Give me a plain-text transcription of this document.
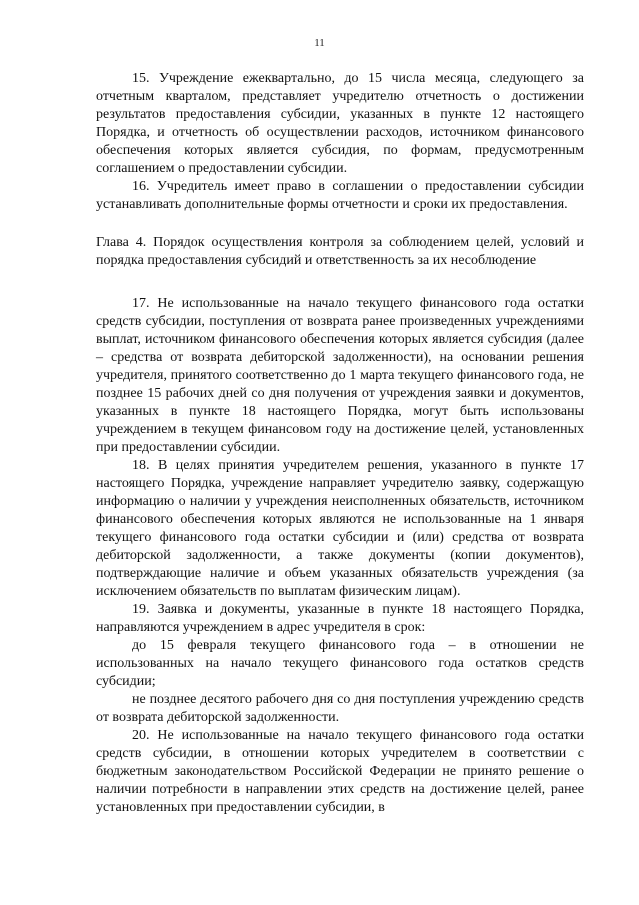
11

15. Учреждение ежеквартально, до 15 числа месяца, следующего за отчетным кварталом, представляет учредителю отчетность о достижении результатов предоставления субсидии, указанных в пункте 12 настоящего Порядка, и отчетность об осуществлении расходов, источником финансового обеспечения которых является субсидия, по формам, предусмотренным соглашением о предоставлении субсидии.

16. Учредитель имеет право в соглашении о предоставлении субсидии устанавливать дополнительные формы отчетности и сроки их предоставления.

Глава 4. Порядок осуществления контроля за соблюдением целей, условий и порядка предоставления субсидий и ответственность за их несоблюдение

17. Не использованные на начало текущего финансового года остатки средств субсидии, поступления от возврата ранее произведенных учреждениями выплат, источником финансового обеспечения которых является субсидия (далее – средства от возврата дебиторской задолженности), на основании решения учредителя, принятого соответственно до 1 марта текущего финансового года, не позднее 15 рабочих дней со дня получения от учреждения заявки и документов, указанных в пункте 18 настоящего Порядка, могут быть использованы учреждением в текущем финансовом году на достижение целей, установленных при предоставлении субсидии.

18. В целях принятия учредителем решения, указанного в пункте 17 настоящего Порядка, учреждение направляет учредителю заявку, содержащую информацию о наличии у учреждения неисполненных обязательств, источником финансового обеспечения которых являются не использованные на 1 января текущего финансового года остатки субсидии и (или) средства от возврата дебиторской задолженности, а также документы (копии документов), подтверждающие наличие и объем указанных обязательств учреждения (за исключением обязательств по выплатам физическим лицам).

19. Заявка и документы, указанные в пункте 18 настоящего Порядка, направляются учреждением в адрес учредителя в срок:

до 15 февраля текущего финансового года – в отношении не использованных на начало текущего финансового года остатков средств субсидии;

не позднее десятого рабочего дня со дня поступления учреждению средств от возврата дебиторской задолженности.

20. Не использованные на начало текущего финансового года остатки средств субсидии, в отношении которых учредителем в соответствии с бюджетным законодательством Российской Федерации не принято решение о наличии потребности в направлении этих средств на достижение целей, ранее установленных при предоставлении субсидии, в
